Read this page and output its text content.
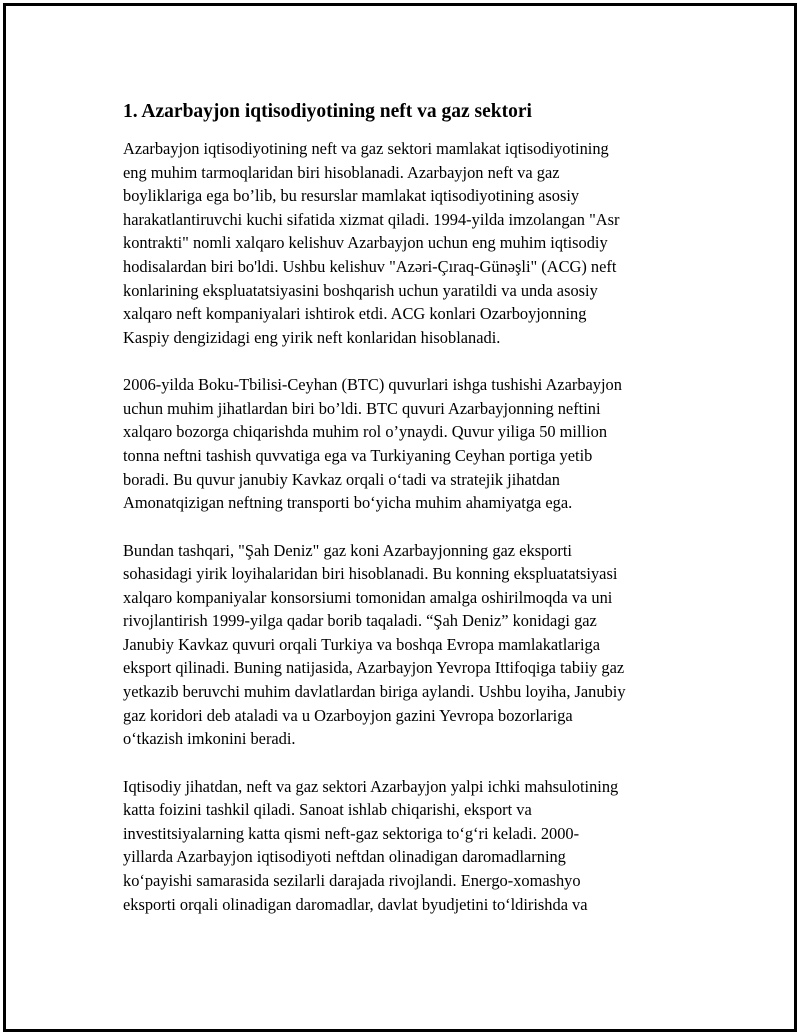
1. Azarbayjon iqtisodiyotining neft va gaz sektori
Azarbayjon iqtisodiyotining neft va gaz sektori mamlakat iqtisodiyotining
eng muhim tarmoqlaridan biri hisoblanadi. Azarbayjon neft va gaz
boyliklariga ega bo’lib, bu resurslar mamlakat iqtisodiyotining asosiy
harakatlantiruvchi kuchi sifatida xizmat qiladi. 1994-yilda imzolangan "Asr
kontrakti" nomli xalqaro kelishuv Azarbayjon uchun eng muhim iqtisodiy
hodisalardan biri bo'ldi. Ushbu kelishuv "Azəri-Çıraq-Günəşli" (ACG) neft
konlarining ekspluatatsiyasini boshqarish uchun yaratildi va unda asosiy
xalqaro neft kompaniyalari ishtirok etdi. ACG konlari Ozarboyjonning
Kaspiy dengizidagi eng yirik neft konlaridan hisoblanadi.
2006-yilda Boku-Tbilisi-Ceyhan (BTC) quvurlari ishga tushishi Azarbayjon
uchun muhim jihatlardan biri bo’ldi. BTC quvuri Azarbayjonning neftini
xalqaro bozorga chiqarishda muhim rol o’ynaydi. Quvur yiliga 50 million
tonna neftni tashish quvvatiga ega va Turkiyaning Ceyhan portiga yetib
boradi. Bu quvur janubiy Kavkaz orqali o‘tadi va stratejik jihatdan
Amonatqizigan neftning transporti bo‘yicha muhim ahamiyatga ega.
Bundan tashqari, "Şah Deniz" gaz koni Azarbayjonning gaz eksporti
sohasidagi yirik loyihalaridan biri hisoblanadi. Bu konning ekspluatatsiyasi
xalqaro kompaniyalar konsorsiumi tomonidan amalga oshirilmoqda va uni
rivojlantirish 1999-yilga qadar borib taqaladi. “Şah Deniz” konidagi gaz
Janubiy Kavkaz quvuri orqali Turkiya va boshqa Evropa mamlakatlariga
eksport qilinadi. Buning natijasida, Azarbayjon Yevropa Ittifoqiga tabiiy gaz
yetkazib beruvchi muhim davlatlardan biriga aylandi. Ushbu loyiha, Janubiy
gaz koridori deb ataladi va u Ozarboyjon gazini Yevropa bozorlariga
o‘tkazish imkonini beradi.
Iqtisodiy jihatdan, neft va gaz sektori Azarbayjon yalpi ichki mahsulotining
katta foizini tashkil qiladi. Sanoat ishlab chiqarishi, eksport va
investitsiyalarning katta qismi neft-gaz sektoriga to‘g‘ri keladi. 2000-
yillarda Azarbayjon iqtisodiyoti neftdan olinadigan daromadlarning
ko‘payishi samarasida sezilarli darajada rivojlandi. Energo-xomashyo
eksporti orqali olinadigan daromadlar, davlat byudjetini to‘ldirishda va
